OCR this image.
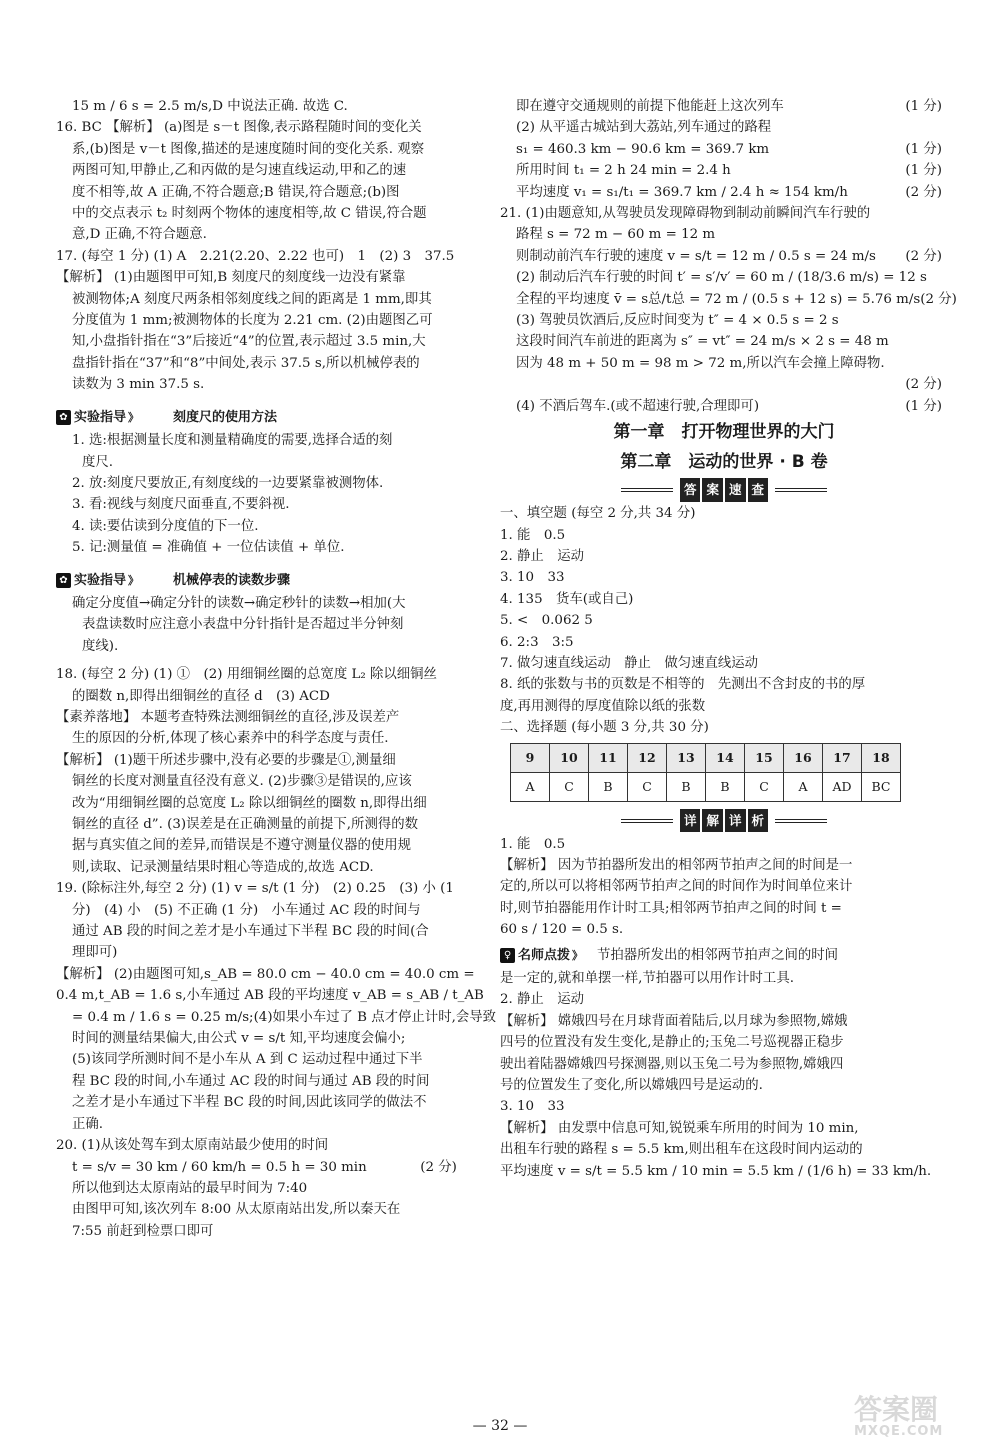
15 m / 6 s = 2.5 m/s,D 中说法正确. 故选 C.
16. BC 【解析】 (a)图是 s－t 图像,表示路程随时间的变化关
系,(b)图是 v－t 图像,描述的是速度随时间的变化关系. 观察
两图可知,甲静止,乙和丙做的是匀速直线运动,甲和乙的速
度不相等,故 A 正确,不符合题意;B 错误,符合题意;(b)图
中的交点表示 t₂ 时刻两个物体的速度相等,故 C 错误,符合题
意,D 正确,不符合题意.
17. (每空 1 分) (1) A　2.21(2.20、2.22 也可)　1　(2) 3　37.5
【解析】 (1)由题图甲可知,B 刻度尺的刻度线一边没有紧靠
被测物体;A 刻度尺两条相邻刻度线之间的距离是 1 mm,即其
分度值为 1 mm;被测物体的长度为 2.21 cm. (2)由题图乙可
知,小盘指针指在“3”后接近“4”的位置,表示超过 3.5 min,大
盘指针指在“37”和“8”中间处,表示 37.5 s,所以机械停表的
读数为 3 min 37.5 s.
✿ 实验指导 》	刻度尺的使用方法
1. 选:根据测量长度和测量精确度的需要,选择合适的刻
度尺.
2. 放:刻度尺要放正,有刻度线的一边要紧靠被测物体.
3. 看:视线与刻度尺面垂直,不要斜视.
4. 读:要估读到分度值的下一位.
5. 记:测量值 = 准确值 + 一位估读值 + 单位.
✿ 实验指导 》	机械停表的读数步骤
确定分度值→确定分针的读数→确定秒针的读数→相加(大
表盘读数时应注意小表盘中分针指针是否超过半分钟刻
度线).
18. (每空 2 分) (1) ①　(2) 用细铜丝圈的总宽度 L₂ 除以细铜丝
的圈数 n,即得出细铜丝的直径 d　(3) ACD
【素养落地】 本题考查特殊法测细铜丝的直径,涉及误差产
生的原因的分析,体现了核心素养中的科学态度与责任.
【解析】 (1)题干所述步骤中,没有必要的步骤是①,测量细
铜丝的长度对测量直径没有意义. (2)步骤③是错误的,应该
改为“用细铜丝圈的总宽度 L₂ 除以细铜丝的圈数 n,即得出细
铜丝的直径 d”. (3)误差是在正确测量的前提下,所测得的数
据与真实值之间的差异,而错误是不遵守测量仪器的使用规
则,读取、记录测量结果时粗心等造成的,故选 ACD.
19. (除标注外,每空 2 分) (1) v = s/t (1 分)　(2) 0.25　(3) 小 (1
分)　(4) 小　(5) 不正确 (1 分)　小车通过 AC 段的时间与
通过 AB 段的时间之差才是小车通过下半程 BC 段的时间(合
理即可)
【解析】 (2)由题图可知,s_AB = 80.0 cm − 40.0 cm = 40.0 cm =
0.4 m,t_AB = 1.6 s,小车通过 AB 段的平均速度 v_AB = s_AB / t_AB
= 0.4 m / 1.6 s = 0.25 m/s;(4)如果小车过了 B 点才停止计时,会导致
时间的测量结果偏大,由公式 v = s/t 知,平均速度会偏小;
(5)该同学所测时间不是小车从 A 到 C 运动过程中通过下半
程 BC 段的时间,小车通过 AC 段的时间与通过 AB 段的时间
之差才是小车通过下半程 BC 段的时间,因此该同学的做法不
正确.
20. (1)从该处驾车到太原南站最少使用的时间
t = s/v = 30 km / 60 km/h = 0.5 h = 30 min　　　　(2 分)
所以他到达太原南站的最早时间为 7:40
由图甲可知,该次列车 8:00 从太原南站出发,所以秦天在
7:55 前赶到检票口即可
即在遵守交通规则的前提下他能赶上这次列车	(1 分)
(2) 从平遥古城站到大荔站,列车通过的路程
s₁ = 460.3 km − 90.6 km = 369.7 km	(1 分)
所用时间 t₁ = 2 h 24 min = 2.4 h	(1 分)
平均速度 v₁ = s₁/t₁ = 369.7 km / 2.4 h ≈ 154 km/h	(2 分)
21. (1)由题意知,从驾驶员发现障碍物到制动前瞬间汽车行驶的
路程 s = 72 m − 60 m = 12 m
则制动前汽车行驶的速度 v = s/t = 12 m / 0.5 s = 24 m/s (2 分)
(2) 制动后汽车行驶的时间 t′ = s′/v′ = 60 m / (18/3.6 m/s) = 12 s
全程的平均速度 v̄ = s总/t总 = 72 m / (0.5 s + 12 s) = 5.76 m/s (2 分)
(3) 驾驶员饮酒后,反应时间变为 t″ = 4 × 0.5 s = 2 s
这段时间汽车前进的距离为 s″ = vt″ = 24 m/s × 2 s = 48 m
因为 48 m + 50 m = 98 m > 72 m,所以汽车会撞上障碍物.
(2 分)
(4) 不酒后驾车.(或不超速行驶,合理即可)	(1 分)
第一章　打开物理世界的大门
第二章　运动的世界 · B 卷
答 案 速 查
一、填空题 (每空 2 分,共 34 分)
1. 能　0.5
2. 静止　运动
3. 10　33
4. 135　货车(或自己)
5. <　0.062 5
6. 2:3　3:5
7. 做匀速直线运动　静止　做匀速直线运动
8. 纸的张数与书的页数是不相等的　先测出不含封皮的书的厚
度,再用测得的厚度值除以纸的张数
二、选择题 (每小题 3 分,共 30 分)
9	10	11	12	13	14	15	16	17	18
A	C	B	C	B	B	C	A	AD	BC
详 解 详 析
1. 能　0.5
【解析】 因为节拍器所发出的相邻两节拍声之间的时间是一
定的,所以可以将相邻两节拍声之间的时间作为时间单位来计
时,则节拍器能用作计时工具;相邻两节拍声之间的时间 t =
60 s / 120 = 0.5 s.
♀ 名师点拨 》 节拍器所发出的相邻两节拍声之间的时间
是一定的,就和单摆一样,节拍器可以用作计时工具.
2. 静止　运动
【解析】 嫦娥四号在月球背面着陆后,以月球为参照物,嫦娥
四号的位置没有发生变化,是静止的;玉兔二号巡视器正稳步
驶出着陆器嫦娥四号探测器,则以玉兔二号为参照物,嫦娥四
号的位置发生了变化,所以嫦娥四号是运动的.
3. 10　33
【解析】 由发票中信息可知,锐锐乘车所用的时间为 10 min,
出租车行驶的路程 s = 5.5 km,则出租车在这段时间内运动的
平均速度 v = s/t = 5.5 km / 10 min = 5.5 km / (1/6 h) = 33 km/h.
— 32 —	答案圈
MXQE.COM
